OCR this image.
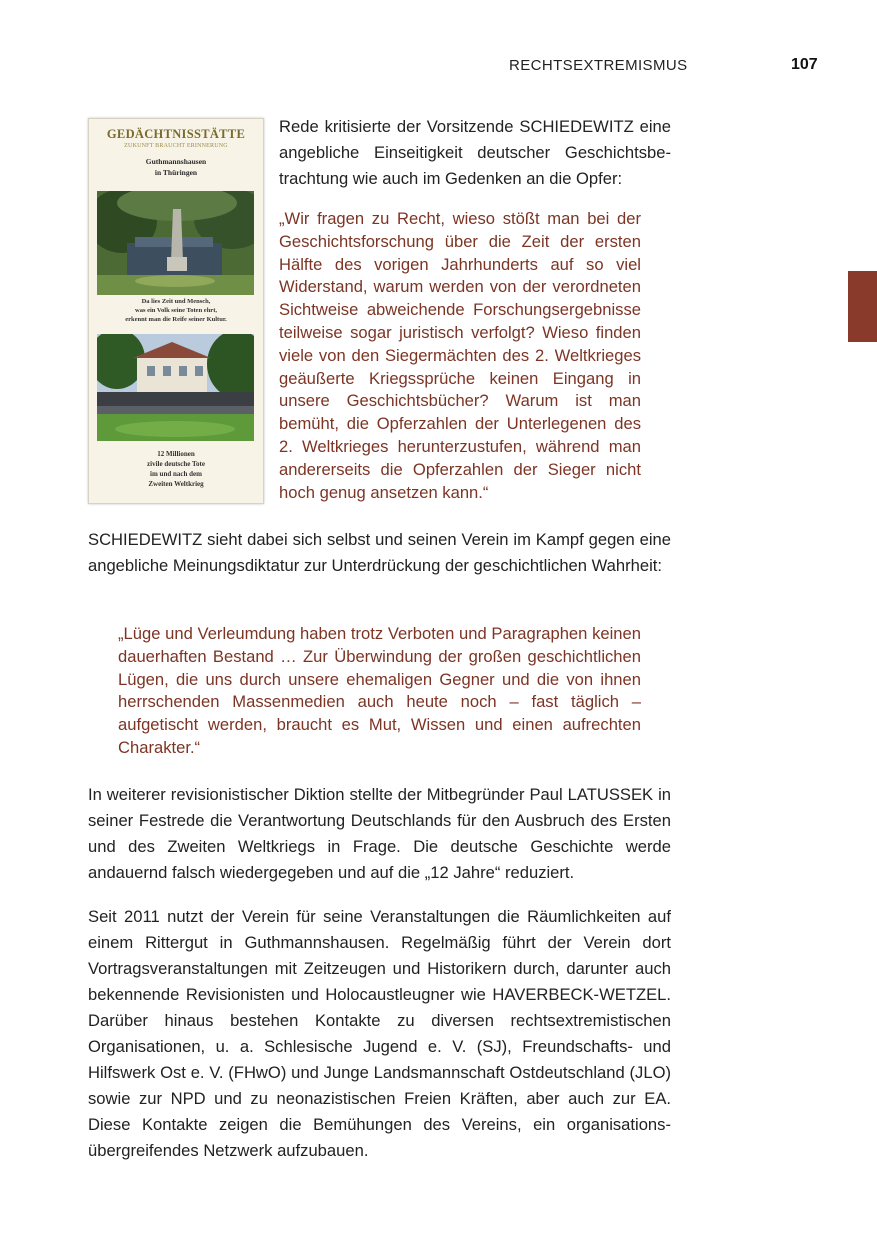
RECHTSEXTREMISMUS	107
GEDÄCHTNISSTÄTTE
ZUKUNFT BRAUCHT ERINNERUNG
Guthmannshausen
in Thüringen
Da lies Zeit und Mensch,
was ein Volk seine Toten ehrt,
erkennt man die Reife seiner Kultur.
12 Millionen
zivile deutsche Tote
im und nach dem
Zweiten Weltkrieg

Rede kritisierte der Vorsitzende SCHIEDEWITZ eine angebliche Einseitigkeit deutscher Geschichtsbetrachtung wie auch im Gedenken an die Opfer:

„Wir fragen zu Recht, wieso stößt man bei der Geschichtsforschung über die Zeit der ersten Hälfte des vorigen Jahrhunderts auf so viel Widerstand, warum werden von der verordneten Sichtweise abweichende Forschungsergebnisse teilweise sogar juristisch verfolgt? Wieso finden viele von den Siegermächten des 2. Weltkrieges geäußerte Kriegssprüche keinen Eingang in unsere Geschichtsbücher? Warum ist man bemüht, die Opferzahlen der Unterlegenen des 2. Weltkrieges herunterzustufen, während man andererseits die Opferzahlen der Sieger nicht hoch genug ansetzen kann.“

SCHIEDEWITZ sieht dabei sich selbst und seinen Verein im Kampf gegen eine angebliche Meinungsdiktatur zur Unterdrückung der geschichtlichen Wahrheit:

„Lüge und Verleumdung haben trotz Verboten und Paragraphen keinen dauerhaften Bestand … Zur Überwindung der großen geschichtlichen Lügen, die uns durch unsere ehemaligen Gegner und die von ihnen herrschenden Massenmedien auch heute noch – fast täglich – aufgetischt werden, braucht es Mut, Wissen und einen aufrechten Charakter.“

In weiterer revisionistischer Diktion stellte der Mitbegründer Paul LATUSSEK in seiner Festrede die Verantwortung Deutschlands für den Ausbruch des Ersten und des Zweiten Weltkriegs in Frage. Die deutsche Geschichte werde andauernd falsch wiedergegeben und auf die „12 Jahre“ reduziert.

Seit 2011 nutzt der Verein für seine Veranstaltungen die Räumlichkeiten auf einem Rittergut in Guthmannshausen. Regelmäßig führt der Verein dort Vortragsveranstaltungen mit Zeitzeugen und Historikern durch, darunter auch bekennende Revisionisten und Holocaustleugner wie HAVERBECK-WETZEL. Darüber hinaus bestehen Kontakte zu diversen rechtsextremistischen Organisationen, u. a. Schlesische Jugend e. V. (SJ), Freundschafts- und Hilfswerk Ost e. V. (FHwO) und Junge Landsmannschaft Ostdeutschland (JLO) sowie zur NPD und zu neonazistischen Freien Kräften, aber auch zur EA. Diese Kontakte zeigen die Bemühungen des Vereins, ein organisationsübergreifendes Netzwerk aufzubauen.
